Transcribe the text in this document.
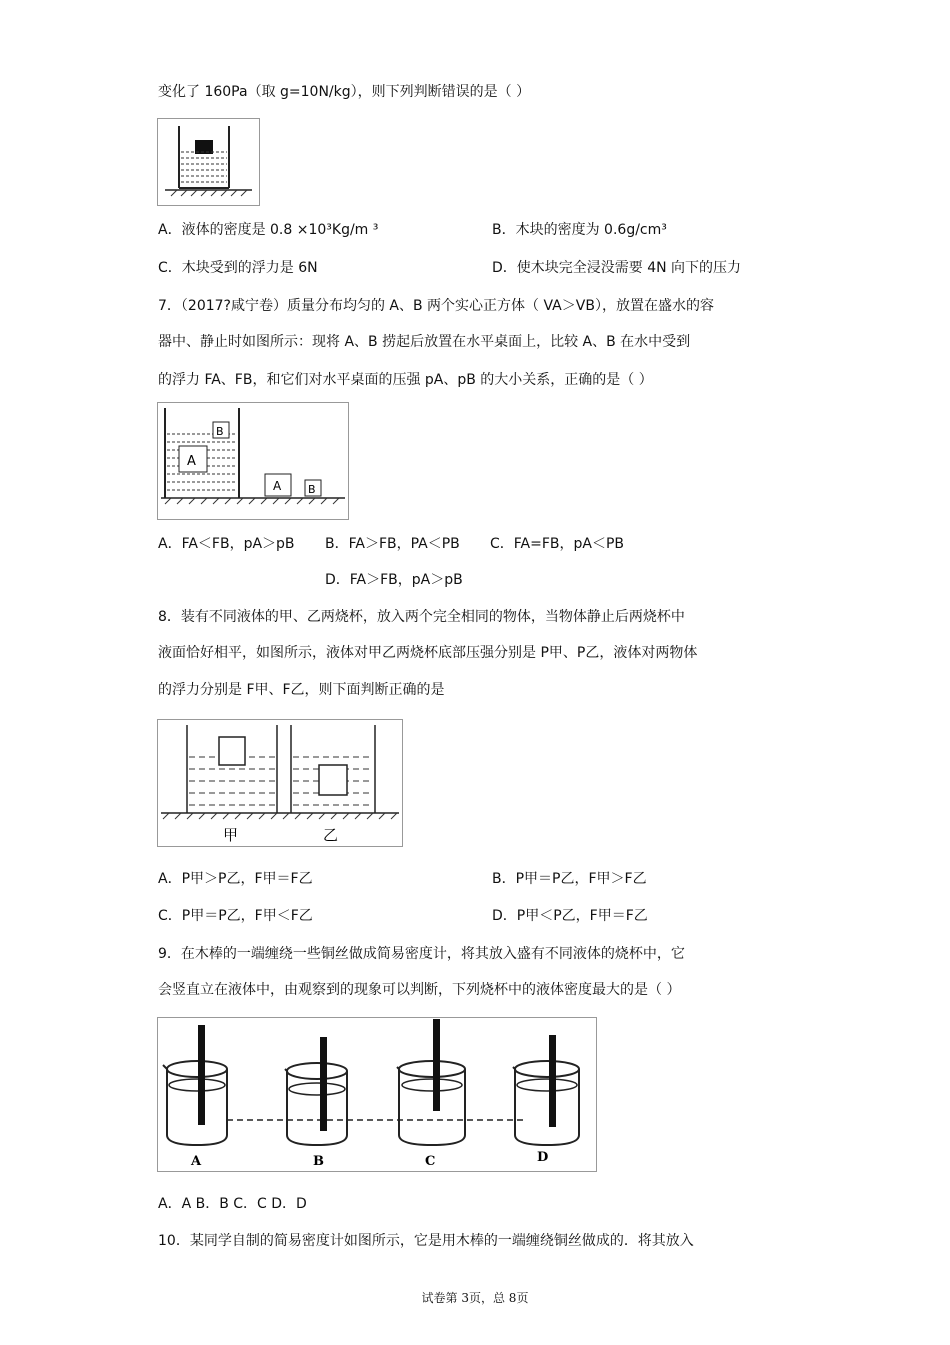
变化了 160Pa（取 g=10N/kg），则下列判断错误的是（ ）
A．液体的密度是 0.8 ×10³Kg/m ³	B．木块的密度为 0.6g/cm³
C．木块受到的浮力是 6N	D．使木块完全浸没需要 4N 向下的压力
7．（2017?咸宁卷）质量分布均匀的 A、B 两个实心正方体（ VA＞VB），放置在盛水的容
器中、静止时如图所示：现将 A、B 捞起后放置在水平桌面上，比较 A、B 在水中受到
的浮力 FA、FB，和它们对水平桌面的压强 pA、pB 的大小关系，正确的是（ ）
A
B
A B
A．FA＜FB，pA＞pB B．FA＞FB，PA＜PB C．FA=FB，pA＜PB
D．FA＞FB，pA＞pB
8．装有不同液体的甲、乙两烧杯，放入两个完全相同的物体，当物体静止后两烧杯中
液面恰好相平，如图所示，液体对甲乙两烧杯底部压强分别是 P甲、P乙，液体对两物体
的浮力分别是 F甲、F乙，则下面判断正确的是
甲	乙
A．P甲＞P乙，F甲＝F乙	B．P甲＝P乙，F甲＞F乙
C．P甲＝P乙，F甲＜F乙	D．P甲＜P乙，F甲＝F乙
9．在木棒的一端缠绕一些铜丝做成简易密度计，将其放入盛有不同液体的烧杯中，它
会竖直立在液体中，由观察到的现象可以判断，下列烧杯中的液体密度最大的是（ ）
A	B	C	D
A．A B．B C．C D．D
10．某同学自制的简易密度计如图所示，它是用木棒的一端缠绕铜丝做成的．将其放入
试卷第 3页，总 8页
